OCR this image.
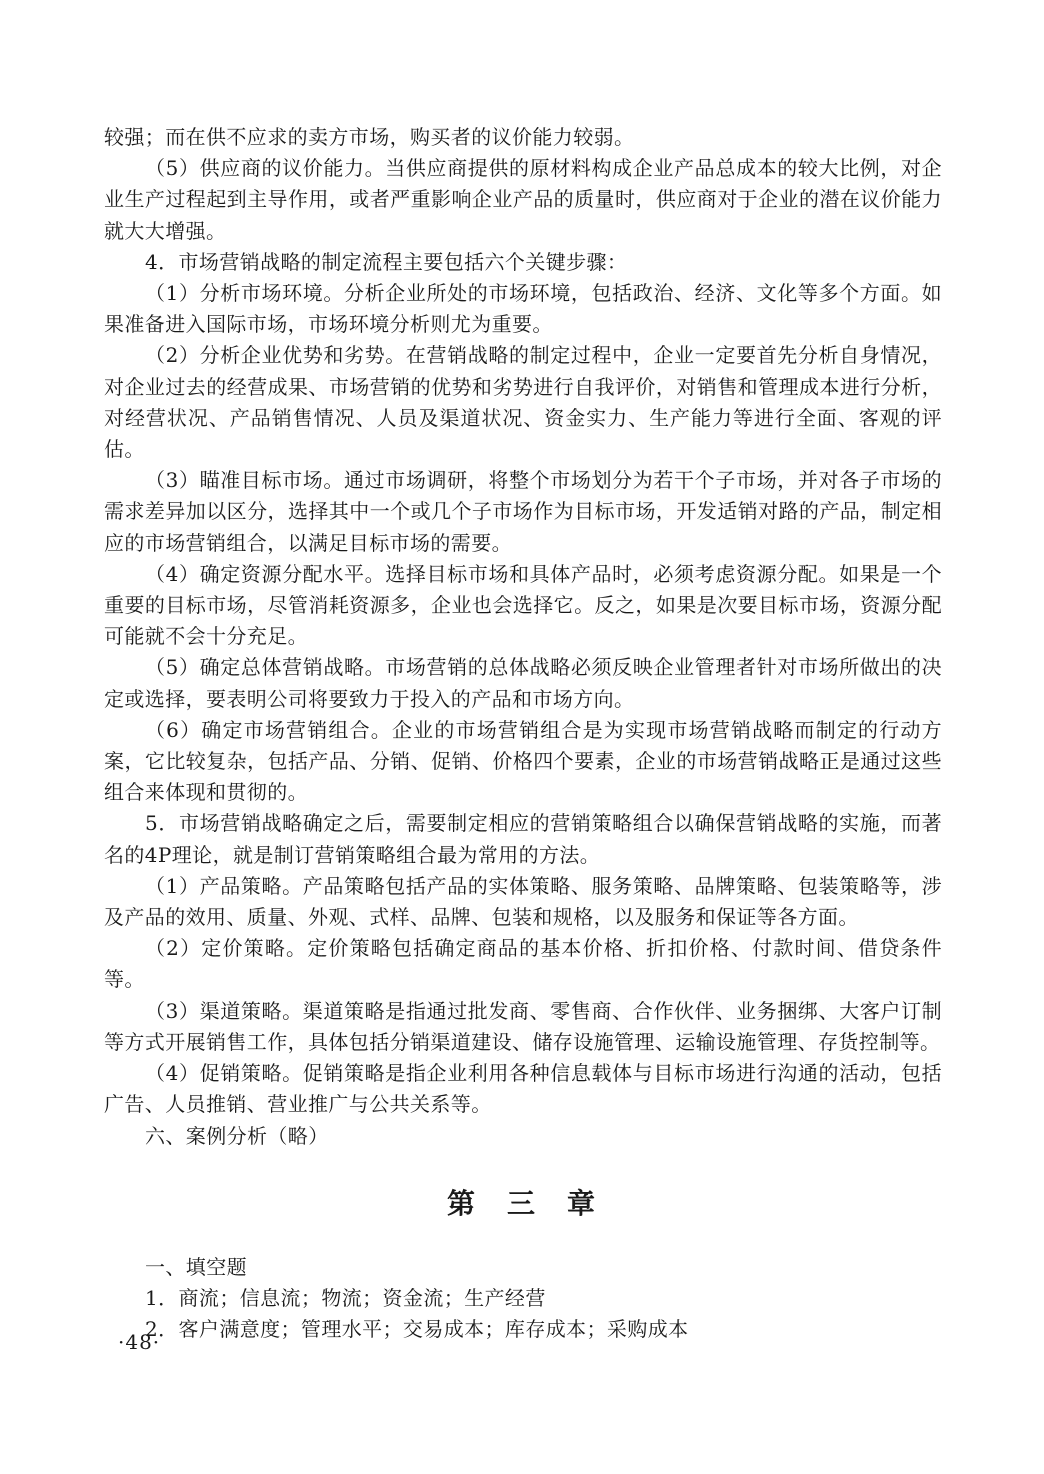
较强；而在供不应求的卖方市场，购买者的议价能力较弱。

（5）供应商的议价能力。当供应商提供的原材料构成企业产品总成本的较大比例，对企业生产过程起到主导作用，或者严重影响企业产品的质量时，供应商对于企业的潜在议价能力就大大增强。

4．市场营销战略的制定流程主要包括六个关键步骤：

（1）分析市场环境。分析企业所处的市场环境，包括政治、经济、文化等多个方面。如果准备进入国际市场，市场环境分析则尤为重要。

（2）分析企业优势和劣势。在营销战略的制定过程中，企业一定要首先分析自身情况，对企业过去的经营成果、市场营销的优势和劣势进行自我评价，对销售和管理成本进行分析，对经营状况、产品销售情况、人员及渠道状况、资金实力、生产能力等进行全面、客观的评估。

（3）瞄准目标市场。通过市场调研，将整个市场划分为若干个子市场，并对各子市场的需求差异加以区分，选择其中一个或几个子市场作为目标市场，开发适销对路的产品，制定相应的市场营销组合，以满足目标市场的需要。

（4）确定资源分配水平。选择目标市场和具体产品时，必须考虑资源分配。如果是一个重要的目标市场，尽管消耗资源多，企业也会选择它。反之，如果是次要目标市场，资源分配可能就不会十分充足。

（5）确定总体营销战略。市场营销的总体战略必须反映企业管理者针对市场所做出的决定或选择，要表明公司将要致力于投入的产品和市场方向。

（6）确定市场营销组合。企业的市场营销组合是为实现市场营销战略而制定的行动方案，它比较复杂，包括产品、分销、促销、价格四个要素，企业的市场营销战略正是通过这些组合来体现和贯彻的。

5．市场营销战略确定之后，需要制定相应的营销策略组合以确保营销战略的实施，而著名的4P理论，就是制订营销策略组合最为常用的方法。

（1）产品策略。产品策略包括产品的实体策略、服务策略、品牌策略、包装策略等，涉及产品的效用、质量、外观、式样、品牌、包装和规格，以及服务和保证等各方面。

（2）定价策略。定价策略包括确定商品的基本价格、折扣价格、付款时间、借贷条件等。

（3）渠道策略。渠道策略是指通过批发商、零售商、合作伙伴、业务捆绑、大客户订制等方式开展销售工作，具体包括分销渠道建设、储存设施管理、运输设施管理、存货控制等。

（4）促销策略。促销策略是指企业利用各种信息载体与目标市场进行沟通的活动，包括广告、人员推销、营业推广与公共关系等。

六、案例分析（略）

第 三 章

一、填空题

1．商流；信息流；物流；资金流；生产经营

2．客户满意度；管理水平；交易成本；库存成本；采购成本

·48·
